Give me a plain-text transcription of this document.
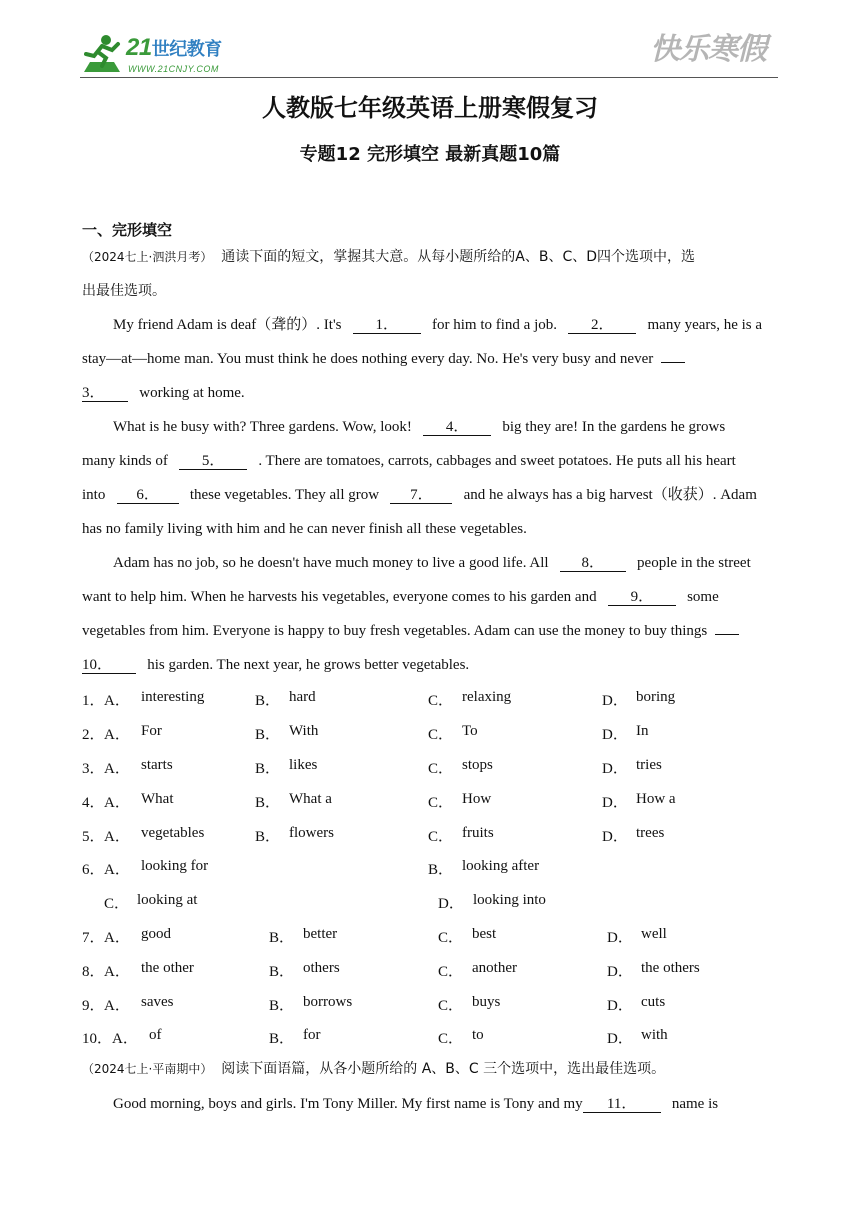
21世纪教育
WWW.21CNJY.COM
快乐寒假
人教版七年级英语上册寒假复习
专题12 完形填空 最新真题10篇
一、完形填空
（2024七上·泗洪月考） 通读下面的短文，掌握其大意。从每小题所给的A、B、C、D四个选项中，选
出最佳选项。
My friend Adam is deaf（聋的）. It's 1． for him to find a job. 2． many years, he is a
stay—at—home man. You must think he does nothing every day. No. He's very busy and never
3． working at home.
What is he busy with? Three gardens. Wow, look! 4． big they are! In the gardens he grows
many kinds of 5． . There are tomatoes, carrots, cabbages and sweet potatoes. He puts all his heart
into 6． these vegetables. They all grow 7． and he always has a big harvest（收获）. Adam
has no family living with him and he can never finish all these vegetables.
Adam has no job, so he doesn't have much money to live a good life. All 8． people in the street
want to help him. When he harvests his vegetables, everyone comes to his garden and 9． some
vegetables from him. Everyone is happy to buy fresh vegetables. Adam can use the money to buy things
10． his garden. The next year, he grows better vegetables.
1． A． interesting	B． hard	C． relaxing	D． boring
2． A． For	B． With	C． To	D． In
3． A． starts	B． likes	C． stops	D． tries
4． A． What	B． What a	C． How	D． How a
5． A． vegetables	B． flowers	C． fruits	D． trees
6． A． looking for	B． looking after
C． looking at	D． looking into
7． A． good	B． better	C． best	D． well
8． A． the other	B． others	C． another	D． the others
9． A． saves	B． borrows	C． buys	D． cuts
10． A． of	B． for	C． to	D． with
（2024七上·平南期中） 阅读下面语篇，从各小题所给的 A、B、C 三个选项中，选出最佳选项。
Good morning, boys and girls. I'm Tony Miller. My first name is Tony and my 11． name is
